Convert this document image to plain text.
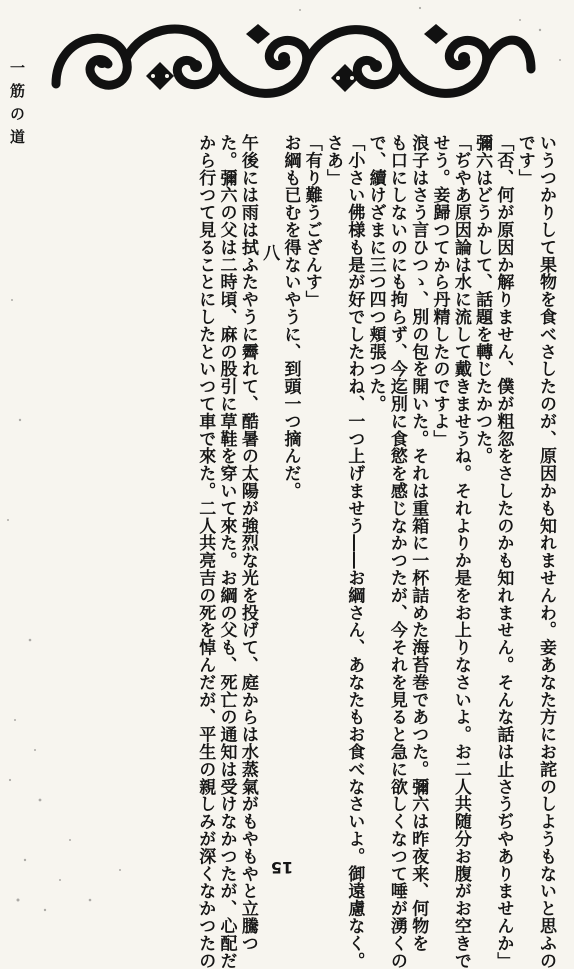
一筋の道
いうつかりして果物を食べさしたのが、原因かも知れませんわ。妾あなた方にお詫のしようもないと思ふの
です」
「否、何が原因か解りません、僕が粗忽をさしたのかも知れません。そんな話は止さうぢやありませんか」
彌六はどうかして、話題を轉じたかつた。
「ぢやあ原因論は水に流して戴きませうね。それよりか是をお上りなさいよ。お二人共随分お腹がお空きで
せう。妾歸つてから丹精したのですよ」
浪子はさう言ひつゝ、別の包を開いた。それは重箱に一杯詰めた海苔巻であつた。彌六は昨夜来、何物を
も口にしないのにも拘らず、今迄別に食慾を感じなかつたが、今それを見ると急に欲しくなつて唾が湧くの
で、續けざまに三つ四つ頬張つた。
「小さい佛様も是が好でしたわね、一つ上げませう――お綱さん、あなたもお食べなさいよ。御遠慮なく。
さあ」
「有り難うござんす」
お綱も已むを得ないやうに、到頭一つ摘んだ。
八
午後には雨は拭ふたやうに霽れて、酷暑の太陽が強烈な光を投げて、庭からは水蒸氣がもやもやと立騰つ
た。彌六の父は二時頃、麻の股引に草鞋を穿いて來た。お綱の父も、死亡の通知は受けなかつたが、心配だ
から行つて見ることにしたといつて車で來た。二人共亮吉の死を悼んだが、平生の親しみが深くなかつたの	15
